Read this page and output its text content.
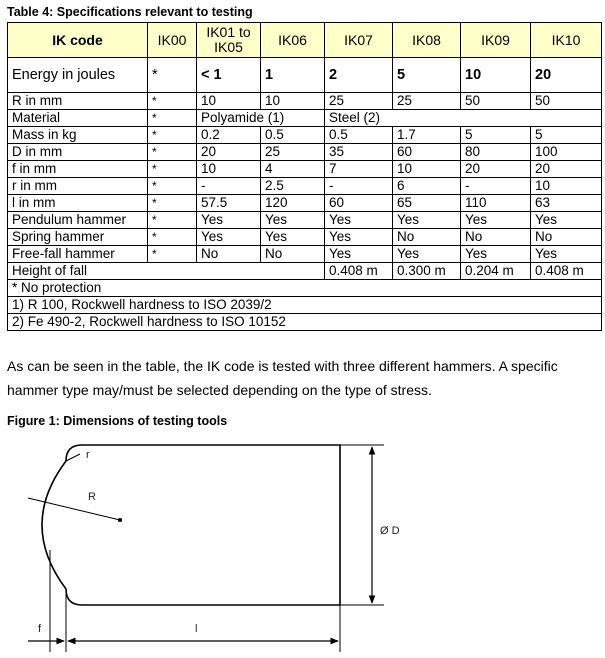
Table 4: Specifications relevant to testing
IK code	IK00	IK01 to IK05	IK06	IK07	IK08	IK09	IK10
Energy in joules	*	< 1	1	2	5	10	20
R in mm	*	10	10	25	25	50	50
Material	*	Polyamide (1)		Steel (2)			
Mass in kg	*	0.2	0.5	0.5	1.7	5	5
D in mm	*	20	25	35	60	80	100
f in mm	*	10	4	7	10	20	20
r in mm	*	-	2.5	-	6	-	10
l in mm	*	57.5	120	60	65	110	63
Pendulum hammer	*	Yes	Yes	Yes	Yes	Yes	Yes
Spring hammer	*	Yes	Yes	Yes	No	No	No
Free-fall hammer	*	No	No	Yes	Yes	Yes	Yes
Height of fall				0.408 m	0.300 m	0.204 m	0.408 m
* No protection							
1) R 100, Rockwell hardness to ISO 2039/2							
2) Fe 490-2, Rockwell hardness to ISO 10152							
As can be seen in the table, the IK code is tested with three different hammers. A specific hammer type may/must be selected depending on the type of stress.
Figure 1: Dimensions of testing tools
r
R
Ø D
l
f
